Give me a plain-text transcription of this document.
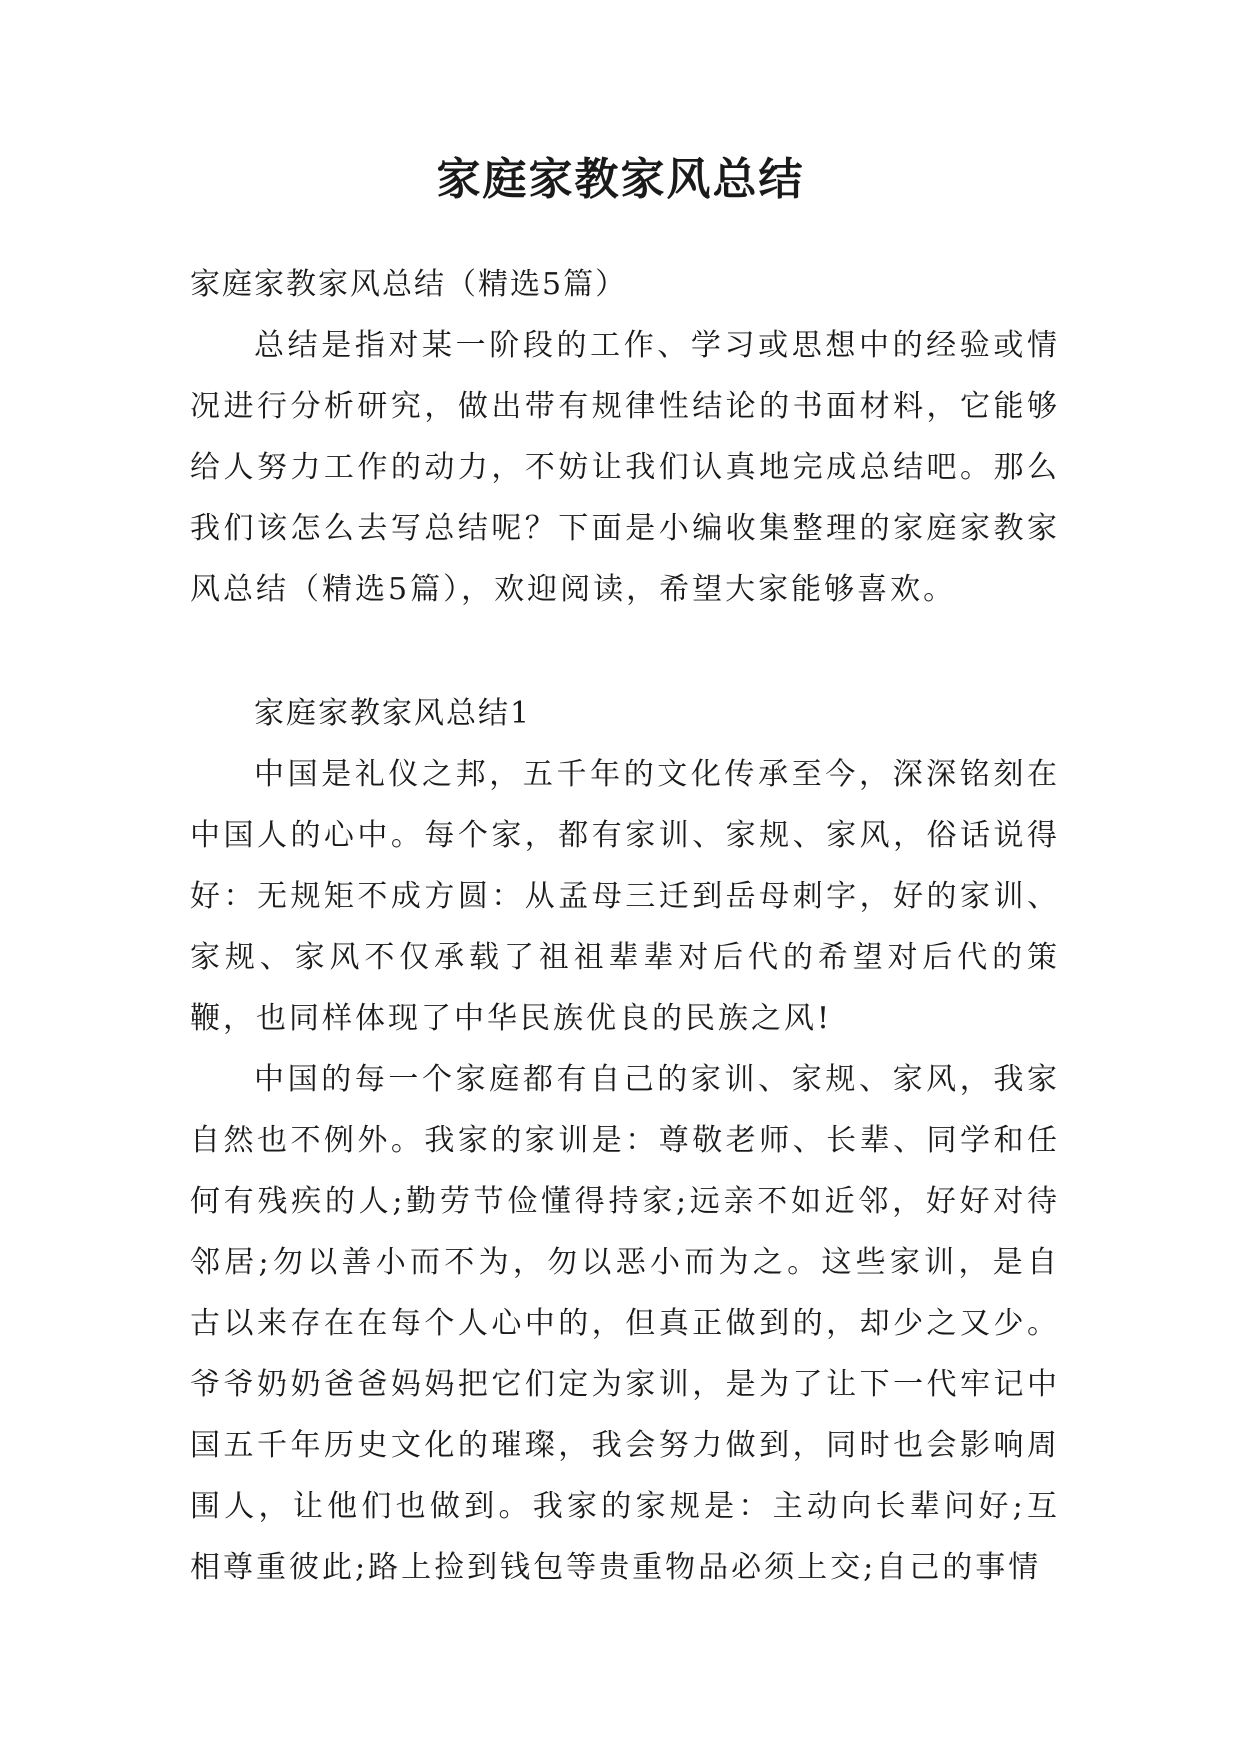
家庭家教家风总结

家庭家教家风总结（精选5篇）

总结是指对某一阶段的工作、学习或思想中的经验或情况进行分析研究，做出带有规律性结论的书面材料，它能够给人努力工作的动力，不妨让我们认真地完成总结吧。那么我们该怎么去写总结呢？下面是小编收集整理的家庭家教家风总结（精选5篇），欢迎阅读，希望大家能够喜欢。

家庭家教家风总结1

中国是礼仪之邦，五千年的文化传承至今，深深铭刻在中国人的心中。每个家，都有家训、家规、家风，俗话说得好：无规矩不成方圆：从孟母三迁到岳母刺字，好的家训、家规、家风不仅承载了祖祖辈辈对后代的希望对后代的策鞭，也同样体现了中华民族优良的民族之风!

中国的每一个家庭都有自己的家训、家规、家风，我家自然也不例外。我家的家训是：尊敬老师、长辈、同学和任何有残疾的人;勤劳节俭懂得持家;远亲不如近邻，好好对待邻居;勿以善小而不为，勿以恶小而为之。这些家训，是自古以来存在在每个人心中的，但真正做到的，却少之又少。爷爷奶奶爸爸妈妈把它们定为家训，是为了让下一代牢记中国五千年历史文化的璀璨，我会努力做到，同时也会影响周围人，让他们也做到。我家的家规是：主动向长辈问好;互相尊重彼此;路上捡到钱包等贵重物品必须上交;自己的事情
